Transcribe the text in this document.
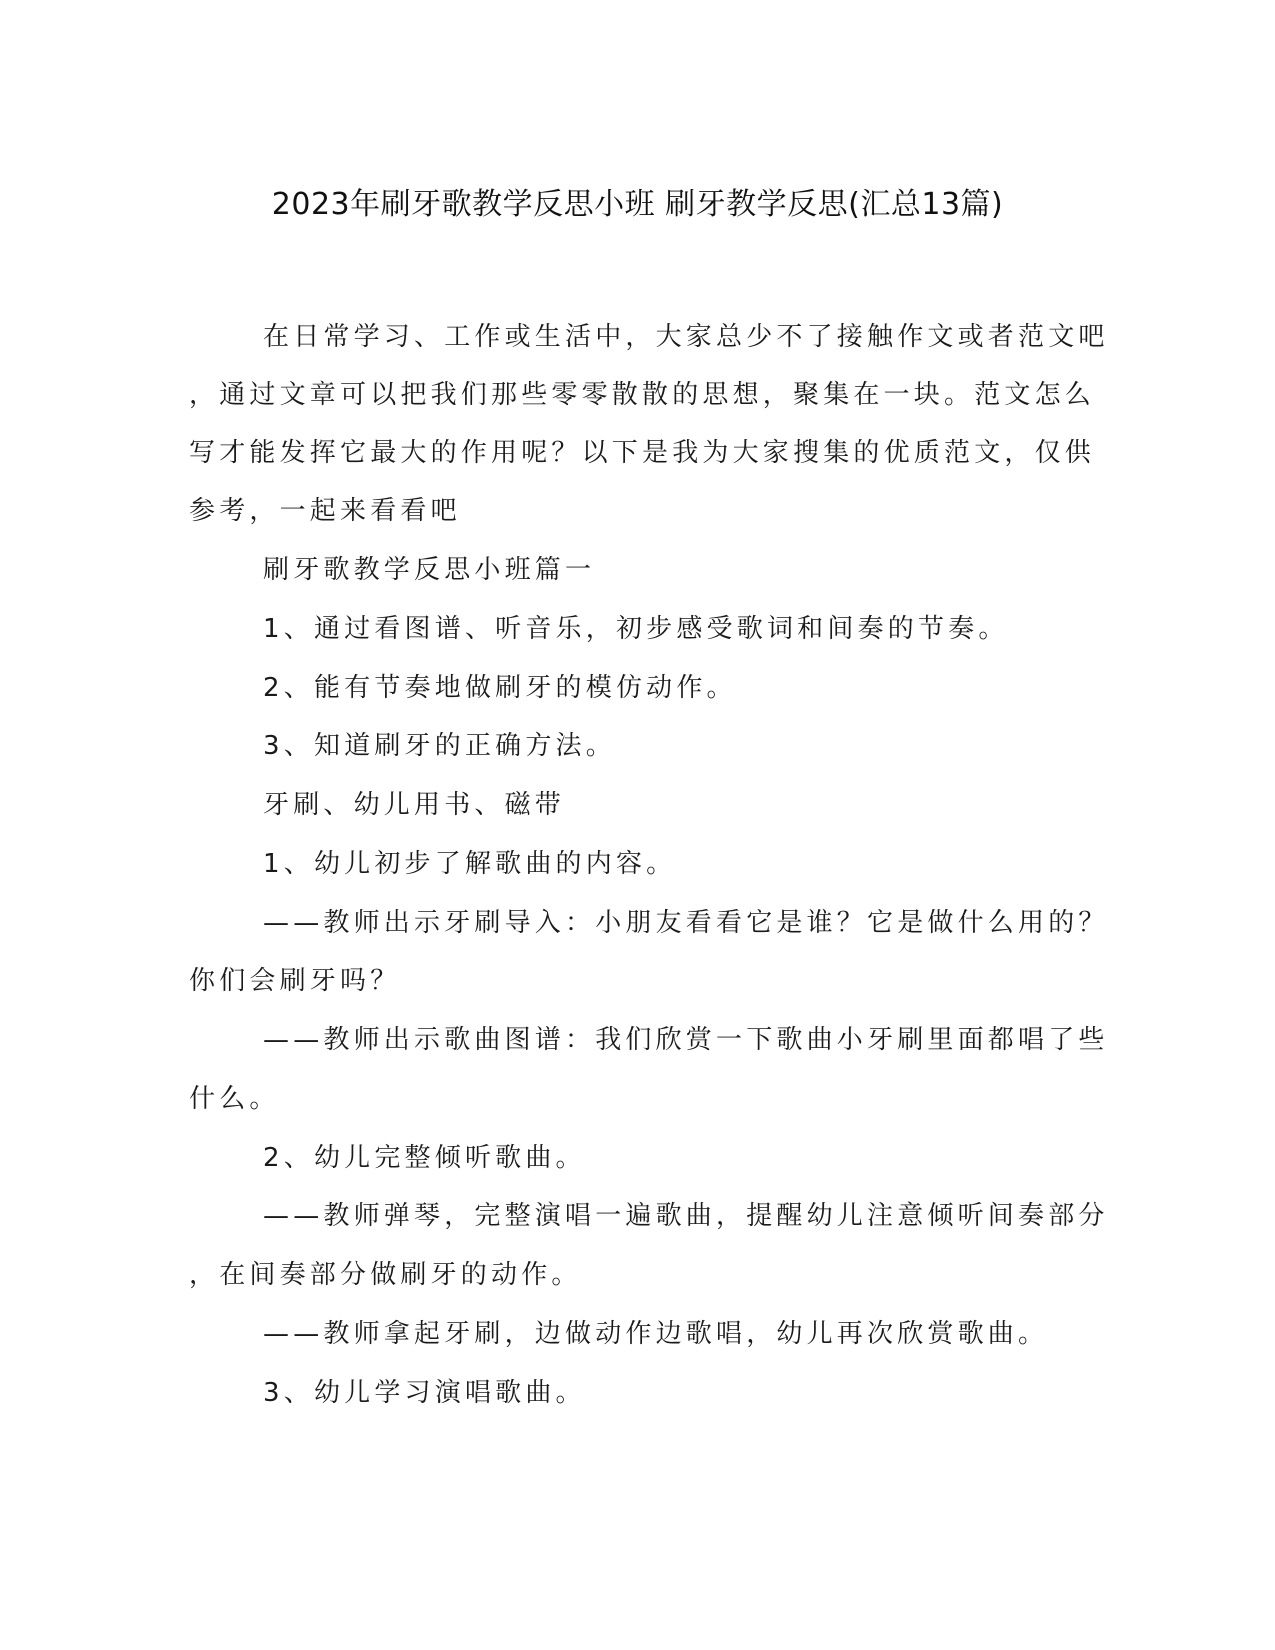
2023年刷牙歌教学反思小班 刷牙教学反思(汇总13篇)
在日常学习、工作或生活中，大家总少不了接触作文或者范文吧
，通过文章可以把我们那些零零散散的思想，聚集在一块。范文怎么
写才能发挥它最大的作用呢？以下是我为大家搜集的优质范文，仅供
参考，一起来看看吧
刷牙歌教学反思小班篇一
1、通过看图谱、听音乐，初步感受歌词和间奏的节奏。
2、能有节奏地做刷牙的模仿动作。
3、知道刷牙的正确方法。
牙刷、幼儿用书、磁带
1、幼儿初步了解歌曲的内容。
——教师出示牙刷导入：小朋友看看它是谁？它是做什么用的？
你们会刷牙吗？
——教师出示歌曲图谱：我们欣赏一下歌曲小牙刷里面都唱了些
什么。
2、幼儿完整倾听歌曲。
——教师弹琴，完整演唱一遍歌曲，提醒幼儿注意倾听间奏部分
，在间奏部分做刷牙的动作。
——教师拿起牙刷，边做动作边歌唱，幼儿再次欣赏歌曲。
3、幼儿学习演唱歌曲。
